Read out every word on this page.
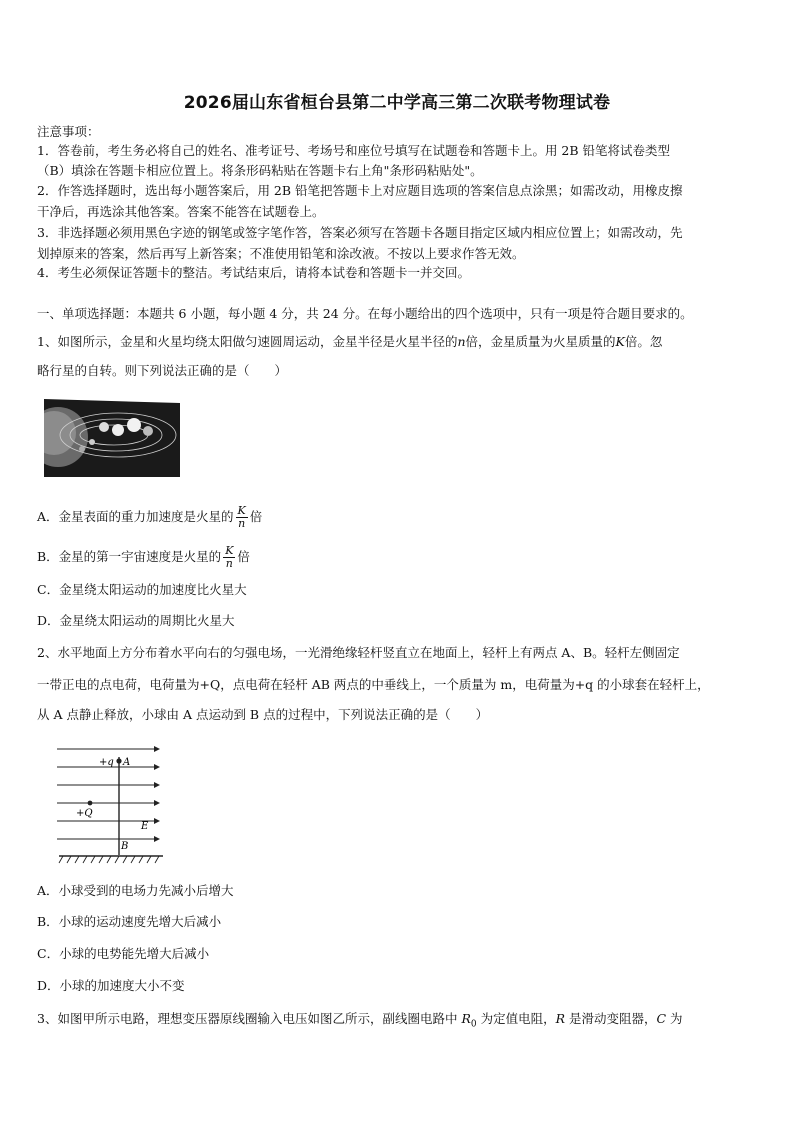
2026届山东省桓台县第二中学高三第二次联考物理试卷
注意事项：
1．答卷前，考生务必将自己的姓名、准考证号、考场号和座位号填写在试题卷和答题卡上。用 2B 铅笔将试卷类型
（B）填涂在答题卡相应位置上。将条形码粘贴在答题卡右上角"条形码粘贴处"。
2．作答选择题时，选出每小题答案后，用 2B 铅笔把答题卡上对应题目选项的答案信息点涂黑；如需改动，用橡皮擦
干净后，再选涂其他答案。答案不能答在试题卷上。
3．非选择题必须用黑色字迹的钢笔或签字笔作答，答案必须写在答题卡各题目指定区域内相应位置上；如需改动，先
划掉原来的答案，然后再写上新答案；不准使用铅笔和涂改液。不按以上要求作答无效。
4．考生必须保证答题卡的整洁。考试结束后，请将本试卷和答题卡一并交回。
一、单项选择题：本题共 6 小题，每小题 4 分，共 24 分。在每小题给出的四个选项中，只有一项是符合题目要求的。
1、如图所示，金星和火星均绕太阳做匀速圆周运动，金星半径是火星半径的n倍，金星质量为火星质量的K倍。忽
略行星的自转。则下列说法正确的是（　　）
A．金星表面的重力加速度是火星的 $\frac{K}{n}$ 倍
B．金星的第一宇宙速度是火星的 $\frac{K}{n}$ 倍
C．金星绕太阳运动的加速度比火星大
D．金星绕太阳运动的周期比火星大
2、水平地面上方分布着水平向右的匀强电场，一光滑绝缘轻杆竖直立在地面上，轻杆上有两点 A、B。轻杆左侧固定
一带正电的点电荷，电荷量为+Q，点电荷在轻杆 AB 两点的中垂线上，一个质量为 m，电荷量为+q 的小球套在轻杆上，
从 A 点静止释放，小球由 A 点运动到 B 点的过程中，下列说法正确的是（　　）
+q A
+Q
E
B
A．小球受到的电场力先减小后增大
B．小球的运动速度先增大后减小
C．小球的电势能先增大后减小
D．小球的加速度大小不变
3、如图甲所示电路，理想变压器原线圈输入电压如图乙所示，副线圈电路中 $R_0$ 为定值电阻，R 是滑动变阻器，C 为
